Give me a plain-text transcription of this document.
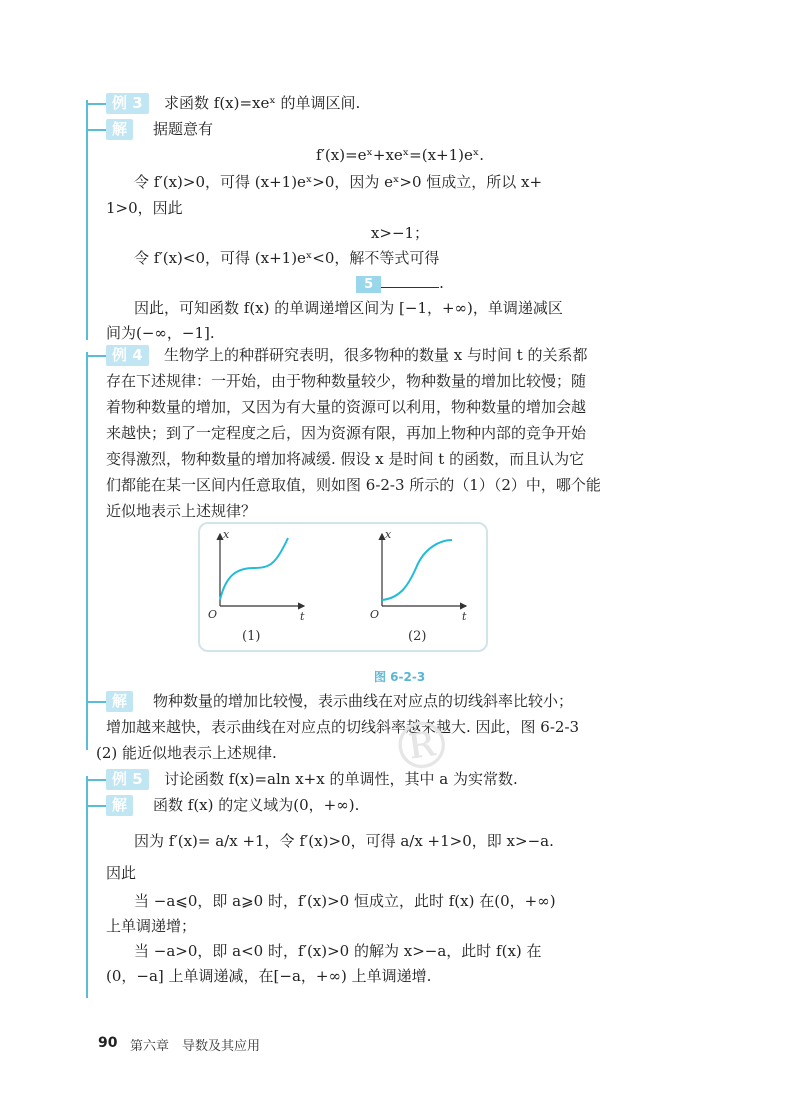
例 3	求函数 f(x)=xeˣ 的单调区间.
解	据题意有
f′(x)=eˣ+xeˣ=(x+1)eˣ.
令 f′(x)>0，可得 (x+1)eˣ>0，因为 eˣ>0 恒成立，所以 x+
1>0，因此
x>−1；
令 f′(x)<0，可得 (x+1)eˣ<0，解不等式可得
5	.
因此，可知函数 f(x) 的单调递增区间为 [−1，+∞)，单调递减区
间为(−∞，−1].
例 4	生物学上的种群研究表明，很多物种的数量 x 与时间 t 的关系都
存在下述规律：一开始，由于物种数量较少，物种数量的增加比较慢；随
着物种数量的增加，又因为有大量的资源可以利用，物种数量的增加会越
来越快；到了一定程度之后，因为资源有限，再加上物种内部的竞争开始
变得激烈，物种数量的增加将减缓. 假设 x 是时间 t 的函数，而且认为它
们都能在某一区间内任意取值，则如图 6-2-3 所示的（1）（2）中，哪个能
近似地表示上述规律？
x
t
O
(1)
x
t
O
(2)
图 6-2-3
解	物种数量的增加比较慢，表示曲线在对应点的切线斜率比较小；
增加越来越快，表示曲线在对应点的切线斜率越来越大. 因此，图 6-2-3
(2) 能近似地表示上述规律.
例 5	讨论函数 f(x)=aln x+x 的单调性，其中 a 为实常数.
解	函数 f(x) 的定义域为(0，+∞).
因为 f′(x)= a/x +1，令 f′(x)>0，可得 a/x +1>0，即 x>−a.
因此
当 −a⩽0，即 a⩾0 时，f′(x)>0 恒成立，此时 f(x) 在(0，+∞)
上单调递增；
当 −a>0，即 a<0 时，f′(x)>0 的解为 x>−a，此时 f(x) 在
(0，−a] 上单调递减，在[−a，+∞) 上单调递增.
®
90 第六章　导数及其应用
